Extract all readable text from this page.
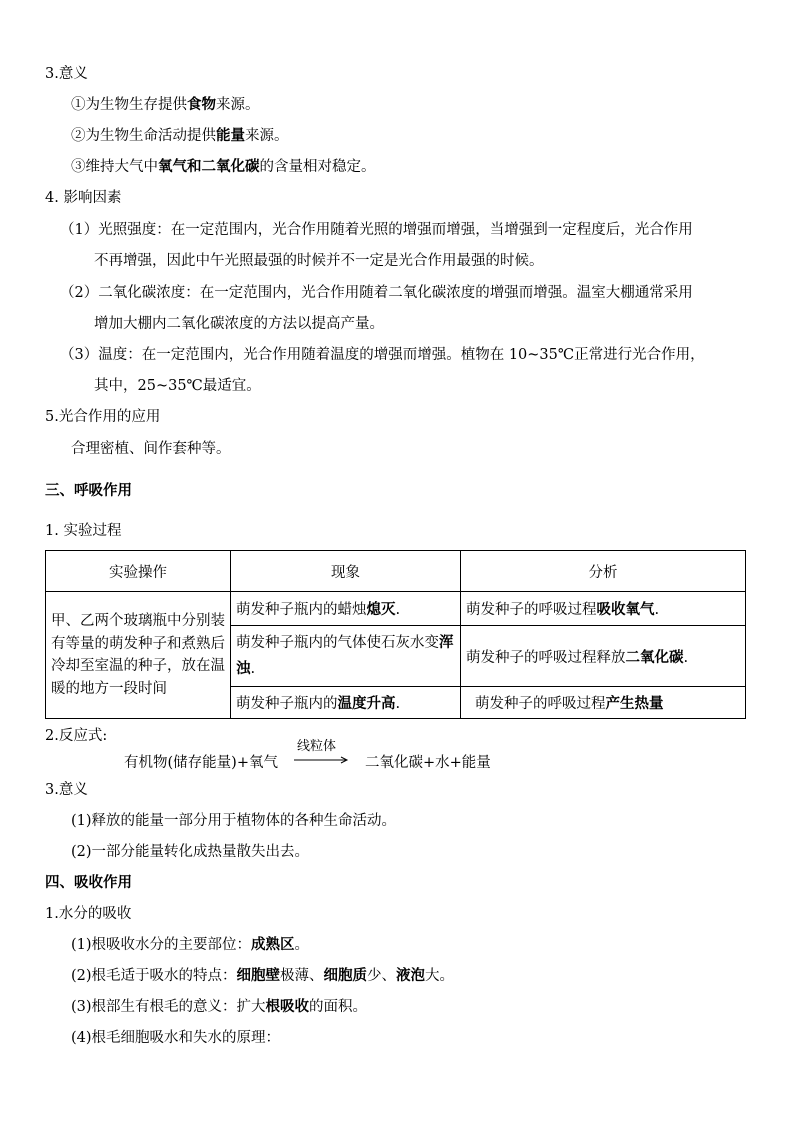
3.意义
①为生物生存提供食物来源。
②为生物生命活动提供能量来源。
③维持大气中氧气和二氧化碳的含量相对稳定。
4. 影响因素
（1）光照强度：在一定范围内，光合作用随着光照的增强而增强，当增强到一定程度后，光合作用
不再增强，因此中午光照最强的时候并不一定是光合作用最强的时候。
（2）二氧化碳浓度：在一定范围内，光合作用随着二氧化碳浓度的增强而增强。温室大棚通常采用
增加大棚内二氧化碳浓度的方法以提高产量。
（3）温度：在一定范围内，光合作用随着温度的增强而增强。植物在 10~35℃正常进行光合作用，
其中，25~35℃最适宜。
5.光合作用的应用
合理密植、间作套种等。
三、呼吸作用
1. 实验过程
实验操作	现象	分析
甲、乙两个玻璃瓶中分别装有等量的萌发种子和煮熟后冷却至室温的种子，放在温暖的地方一段时间	萌发种子瓶内的蜡烛熄灭.	萌发种子的呼吸过程吸收氧气.
	萌发种子瓶内的气体使石灰水变浑浊.	萌发种子的呼吸过程释放二氧化碳.
	萌发种子瓶内的温度升高.	萌发种子的呼吸过程产生热量
2.反应式:
有机物(储存能量)+氧气
线粒体
二氧化碳+水+能量
3.意义
(1)释放的能量一部分用于植物体的各种生命活动。
(2)一部分能量转化成热量散失出去。
四、吸收作用
1.水分的吸收
(1)根吸收水分的主要部位：成熟区。
(2)根毛适于吸水的特点：细胞壁极薄、细胞质少、液泡大。
(3)根部生有根毛的意义：扩大根吸收的面积。
(4)根毛细胞吸水和失水的原理：
